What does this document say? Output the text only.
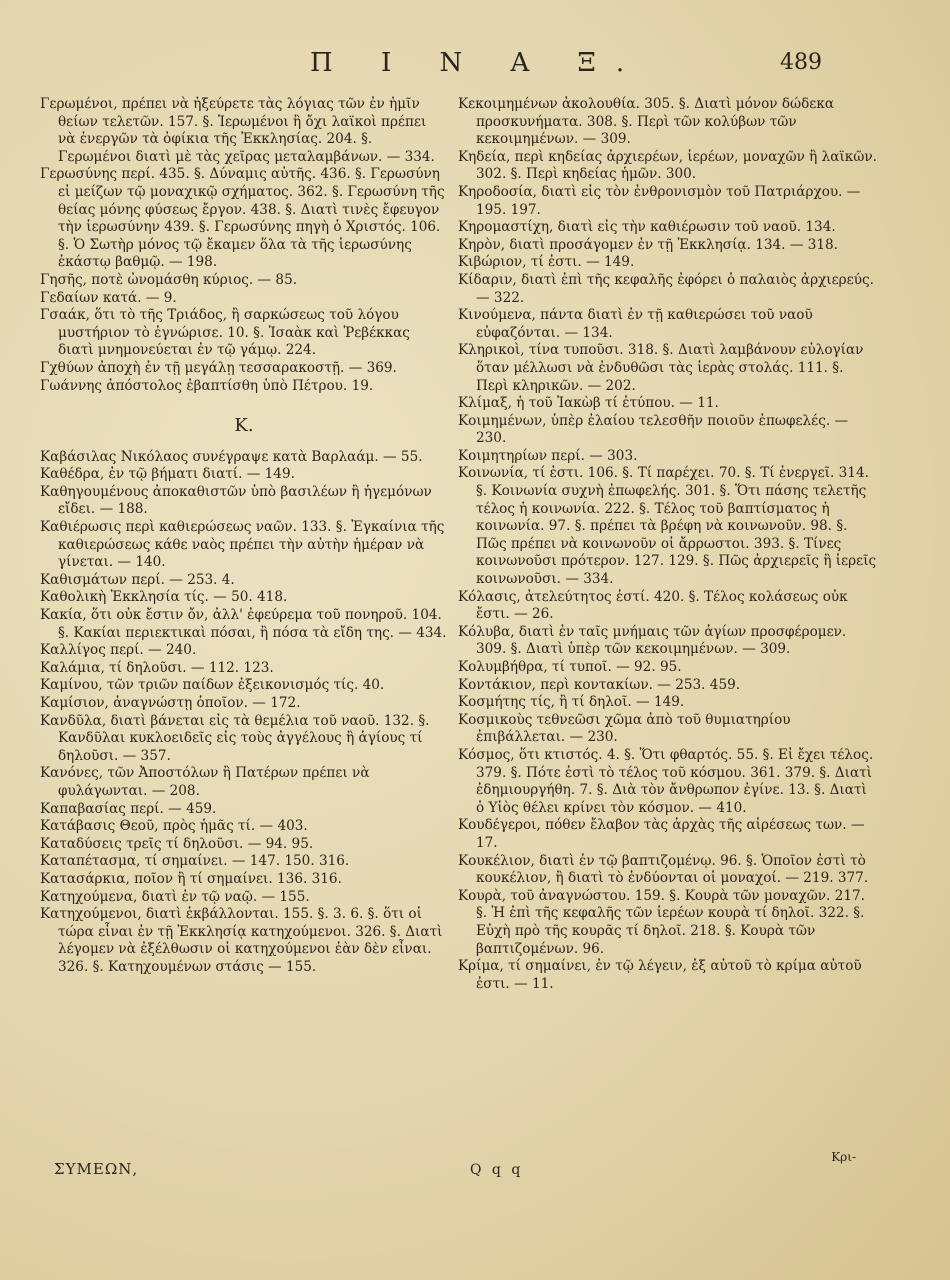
Π Ι Ν Α Ξ.	489

Γερωμένοι, πρέπει νὰ ἠξεύρετε τὰς λόγιας τῶν ἐν ἡμῖν θείων τελετῶν. 157. §. Ἱερωμένοι ἢ ὄχι λαϊκοὶ πρέπει νὰ ἐνεργῶν τὰ ὀφίκια τῆς Ἐκκλησίας. 204. §. Γερωμένοι διατὶ μὲ τὰς χεῖρας μεταλαμβάνων. — 334.

Γερωσύνης περί. 435. §. Δύναμις αὐτῆς. 436. §. Γερωσύνη εἰ μείζων τῷ μοναχικῷ σχήματος. 362. §. Γερωσύνη τῆς θείας μόνης φύσεως ἔργον. 438. §. Διατὶ τινὲς ἔφευγον τὴν ἱερωσύνην 439. §. Γερωσύνης πηγὴ ὁ Χριστός. 106. §. Ὁ Σωτὴρ μόνος τῷ ἔκαμεν ὅλα τὰ τῆς ἱερωσύνης ἑκάστῳ βαθμῷ. — 198.

Γησῆς, ποτὲ ὠνομάσθη κύριος. — 85.

Γεδαίων κατά. — 9.

Γσαάκ, ὅτι τὸ τῆς Τριάδος, ἢ σαρκώσεως τοῦ λόγου μυστήριον τὸ ἐγνώρισε. 10. §. Ἰσαὰκ καὶ Ῥεβέκκας διατὶ μνημονεύεται ἐν τῷ γάμῳ. 224.

Γχθύων ἀποχὴ ἐν τῇ μεγάλῃ τεσσαρακοστῇ. — 369.

Γωάννης ἀπόστολος ἐβαπτίσθη ὑπὸ Πέτρου. 19.

Κ.

Καβάσιλας Νικόλαος συνέγραψε κατὰ Βαρλαάμ. — 55.

Καθέδρα, ἐν τῷ βήματι διατί. — 149.

Καθηγουμένους ἀποκαθιστῶν ὑπὸ βασιλέων ἢ ἡγεμόνων εἴδει. — 188.

Καθιέρωσις περὶ καθιερώσεως ναῶν. 133. §. Ἐγκαίνια τῆς καθιερώσεως κάθε ναὸς πρέπει τὴν αὐτὴν ἡμέραν νὰ γίνεται. — 140.

Καθισμάτων περί. — 253. 4.

Καθολικὴ Ἐκκλησία τίς. — 50. 418.

Κακία, ὅτι οὐκ ἔστιν ὄν, ἀλλ' ἐφεύρεμα τοῦ πονηροῦ. 104. §. Κακίαι περιεκτικαὶ πόσαι, ἢ πόσα τὰ εἴδη της. — 434.

Καλλίγος περί. — 240.

Καλάμια, τί δηλοῦσι. — 112. 123.

Καμίνου, τῶν τριῶν παίδων ἐξεικονισμός τίς. 40.

Καμίσιον, ἀναγνώστῃ ὁποῖον. — 172.

Κανδῦλα, διατὶ βάνεται εἰς τὰ θεμέλια τοῦ ναοῦ. 132. §. Κανδῦλαι κυκλοειδεῖς εἰς τοὺς ἀγγέλους ἢ ἁγίους τί δηλοῦσι. — 357.

Κανόνες, τῶν Ἀποστόλων ἢ Πατέρων πρέπει νὰ φυλάγωνται. — 208.

Καπαβασίας περί. — 459.

Κατάβασις Θεοῦ, πρὸς ἡμᾶς τί. — 403.

Καταδύσεις τρεῖς τί δηλοῦσι. — 94. 95.

Καταπέτασμα, τί σημαίνει. — 147. 150. 316.

Κατασάρκια, ποῖον ἢ τί σημαίνει. 136. 316.

Κατηχούμενα, διατὶ ἐν τῷ ναῷ. — 155.

Κατηχούμενοι, διατὶ ἐκβάλλονται. 155. §. 3. 6. §. ὅτι οἱ τώρα εἶναι ἐν τῇ Ἐκκλησίᾳ κατηχούμενοι. 326. §. Διατὶ λέγομεν νὰ ἐξέλθωσιν οἱ κατηχούμενοι ἐὰν δὲν εἶναι. 326. §. Κατηχουμένων στάσις — 155.

Κεκοιμημένων ἀκολουθία. 305. §. Διατὶ μόνον δώδεκα προσκυνήματα. 308. §. Περὶ τῶν κολύβων τῶν κεκοιμημένων. — 309.

Κηδεία, περὶ κηδείας ἀρχιερέων, ἱερέων, μοναχῶν ἢ λαϊκῶν. 302. §. Περὶ κηδείας ἡμῶν. 300.

Κηροδοσία, διατὶ εἰς τὸν ἐνθρονισμὸν τοῦ Πατριάρχου. — 195. 197.

Κηρομαστίχη, διατὶ εἰς τὴν καθιέρωσιν τοῦ ναοῦ. 134.

Κηρὸν, διατὶ προσάγομεν ἐν τῇ Ἐκκλησίᾳ. 134. — 318.

Κιβώριον, τί ἐστι. — 149.

Κίδαριν, διατὶ ἐπὶ τῆς κεφαλῆς ἐφόρει ὁ παλαιὸς ἀρχιερεύς. — 322.

Κινούμενα, πάντα διατὶ ἐν τῇ καθιερώσει τοῦ ναοῦ εὐφαζόνται. — 134.

Κληρικοὶ, τίνα τυποῦσι. 318. §. Διατὶ λαμβάνουν εὐλογίαν ὅταν μέλλωσι νὰ ἐνδυθῶσι τὰς ἱερὰς στολάς. 111. §. Περὶ κληρικῶν. — 202.

Κλίμαξ, ἡ τοῦ Ἰακὼβ τί ἐτύπου. — 11.

Κοιμημένων, ὑπὲρ ἐλαίου τελεσθῆν ποιοῦν ἐπωφελές. — 230.

Κοιμητηρίων περί. — 303.

Κοινωνία, τί ἐστι. 106. §. Τί παρέχει. 70. §. Τί ἐνεργεῖ. 314. §. Κοινωνία συχνὴ ἐπωφελής. 301. §. Ὅτι πάσης τελετῆς τέλος ἡ κοινωνία. 222. §. Τέλος τοῦ βαπτίσματος ἡ κοινωνία. 97. §. πρέπει τὰ βρέφη νὰ κοινωνοῦν. 98. §. Πῶς πρέπει νὰ κοινωνοῦν οἱ ἄρρωστοι. 393. §. Τίνες κοινωνοῦσι πρότερον. 127. 129. §. Πῶς ἀρχιερεῖς ἢ ἱερεῖς κοινωνοῦσι. — 334.

Κόλασις, ἀτελεύτητος ἐστί. 420. §. Τέλος κολάσεως οὐκ ἔστι. — 26.

Κόλυβα, διατὶ ἐν ταῖς μνήμαις τῶν ἁγίων προσφέρομεν. 309. §. Διατὶ ὑπὲρ τῶν κεκοιμημένων. — 309.

Κολυμβήθρα, τί τυποῖ. — 92. 95.

Κοντάκιον, περὶ κοντακίων. — 253. 459.

Κοσμήτης τίς, ἢ τί δηλοῖ. — 149.

Κοσμικοὺς τεθνεῶσι χῶμα ἀπὸ τοῦ θυμιατηρίου ἐπιβάλλεται. — 230.

Κόσμος, ὅτι κτιστός. 4. §. Ὅτι φθαρτός. 55. §. Εἰ ἔχει τέλος. 379. §. Πότε ἐστὶ τὸ τέλος τοῦ κόσμου. 361. 379. §. Διατὶ ἐδημιουργήθη. 7. §. Διὰ τὸν ἄνθρωπον ἐγίνε. 13. §. Διατὶ ὁ Υἱὸς θέλει κρίνει τὸν κόσμον. — 410.

Κουδέγεροι, πόθεν ἔλαβον τὰς ἀρχὰς τῆς αἱρέσεως των. — 17.

Κουκέλιον, διατὶ ἐν τῷ βαπτιζομένῳ. 96. §. Ὁποῖον ἐστὶ τὸ κουκέλιον, ἢ διατὶ τὸ ἐνδύονται οἱ μοναχοί. — 219. 377.

Κουρὰ, τοῦ ἀναγνώστου. 159. §. Κουρὰ τῶν μοναχῶν. 217. §. Ἡ ἐπὶ τῆς κεφαλῆς τῶν ἱερέων κουρὰ τί δηλοῖ. 322. §. Εὐχὴ πρὸ τῆς κουρᾶς τί δηλοῖ. 218. §. Κουρὰ τῶν βαπτιζομένων. 96.

Κρίμα, τί σημαίνει, ἐν τῷ λέγειν, ἐξ αὐτοῦ τὸ κρίμα αὐτοῦ ἐστι. — 11.

ΣΥΜΕΩΝ,	Q q q
Κρι-
